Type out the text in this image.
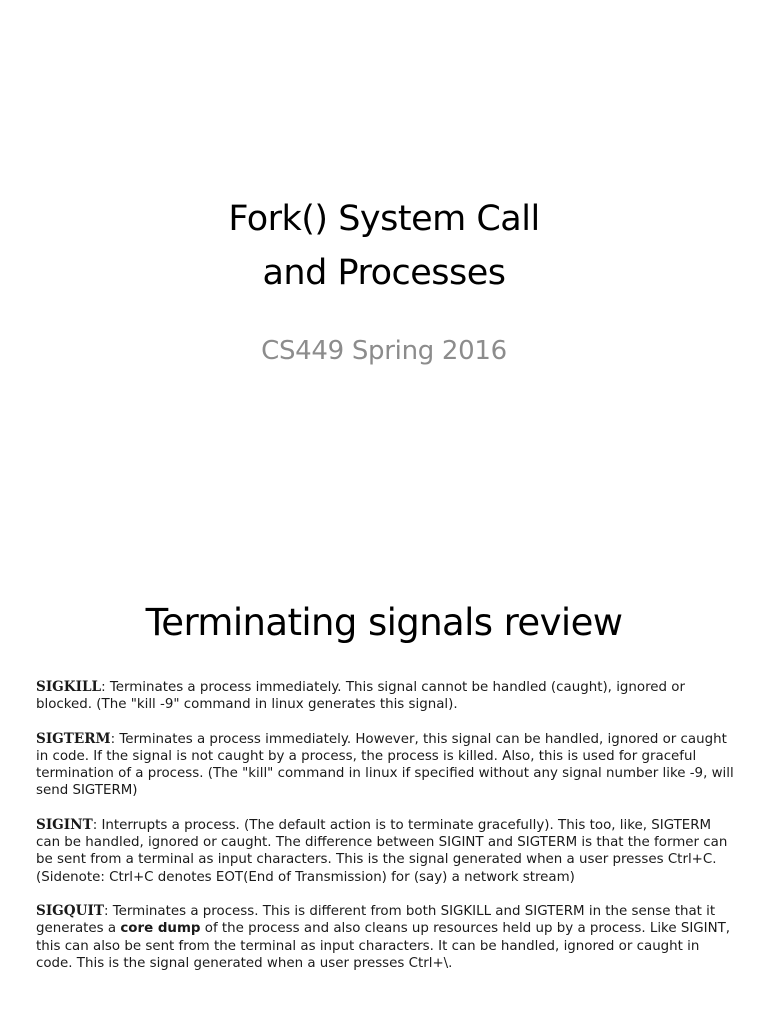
Fork() System Call
and Processes
CS449 Spring 2016
Terminating signals review

SIGKILL: Terminates a process immediately. This signal cannot be handled (caught), ignored or blocked. (The "kill -9" command in linux generates this signal).

SIGTERM: Terminates a process immediately. However, this signal can be handled, ignored or caught in code. If the signal is not caught by a process, the process is killed. Also, this is used for graceful termination of a process. (The "kill" command in linux if specified without any signal number like -9, will send SIGTERM)

SIGINT: Interrupts a process. (The default action is to terminate gracefully). This too, like, SIGTERM can be handled, ignored or caught. The difference between SIGINT and SIGTERM is that the former can be sent from a terminal as input characters. This is the signal generated when a user presses Ctrl+C. (Sidenote: Ctrl+C denotes EOT(End of Transmission) for (say) a network stream)

SIGQUIT: Terminates a process. This is different from both SIGKILL and SIGTERM in the sense that it generates a core dump of the process and also cleans up resources held up by a process. Like SIGINT, this can also be sent from the terminal as input characters. It can be handled, ignored or caught in code. This is the signal generated when a user presses Ctrl+\.
